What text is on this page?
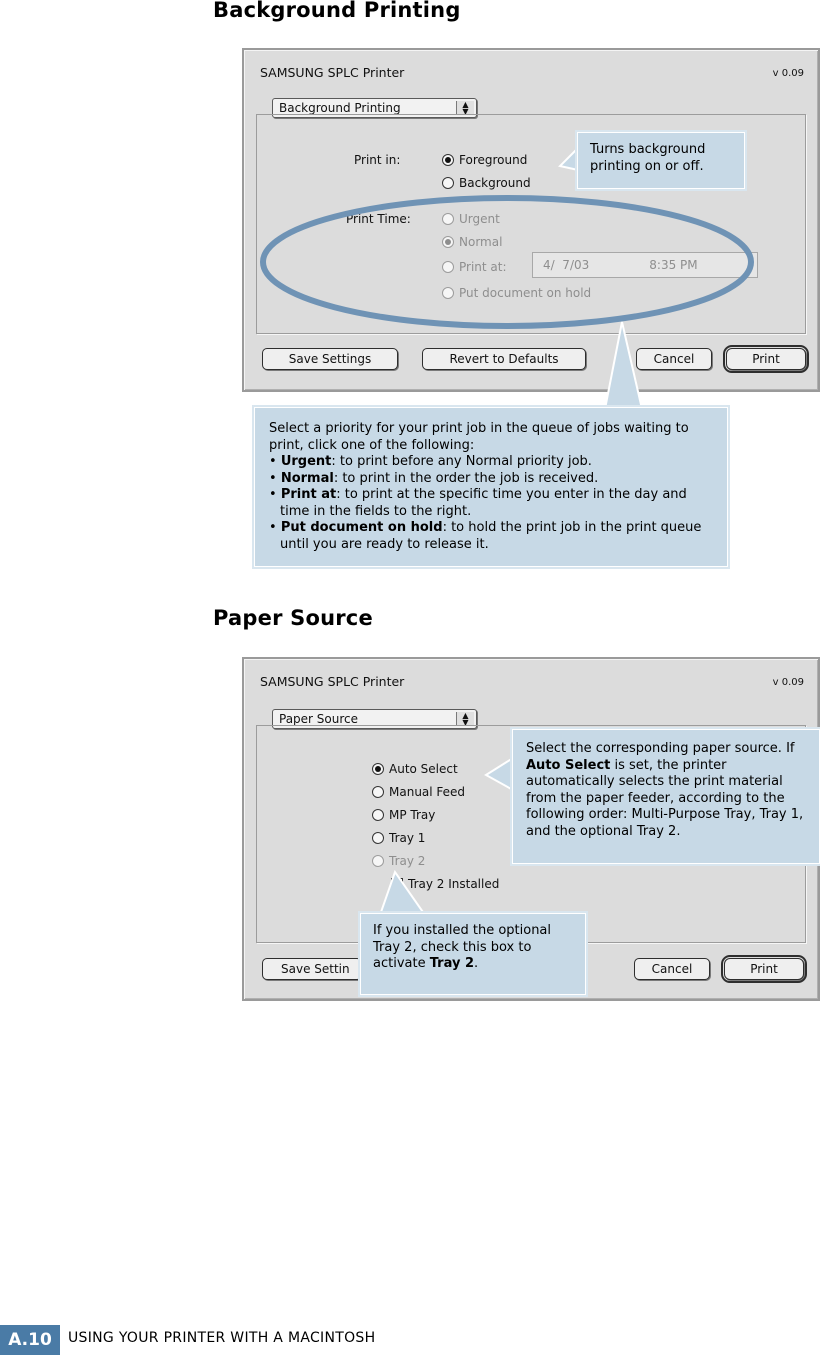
Background Printing
SAMSUNG SPLC Printer	v 0.09
Background Printing	▲
▼
Print in:	Foreground
Background
Print Time:	Urgent
Normal
Print at:	4/  7/03	8:35 PM
Put document on hold
Save Settings	Revert to Defaults	Cancel	Print
SAMSUNG SPLC Printer	v 0.09
Paper Source	▲
▼
Auto Select
Manual Feed
MP Tray
Tray 1
Tray 2
Tray 2 Installed
Save Settin	Cancel	Print

Turns background printing on or off.

Select a priority for your print job in the queue of jobs waiting to print, click one of the following:

• Urgent: to print before any Normal priority job.

• Normal: to print in the order the job is received.

• Print at: to print at the specific time you enter in the day and time in the fields to the right.

• Put document on hold: to hold the print job in the print queue until you are ready to release it.

Paper Source

Select the corresponding paper source. If Auto Select is set, the printer automatically selects the print material from the paper feeder, according to the following order: Multi-Purpose Tray, Tray 1, and the optional Tray 2.

If you installed the optional Tray 2, check this box to activate Tray 2.

A.10	USING YOUR PRINTER WITH A MACINTOSH
